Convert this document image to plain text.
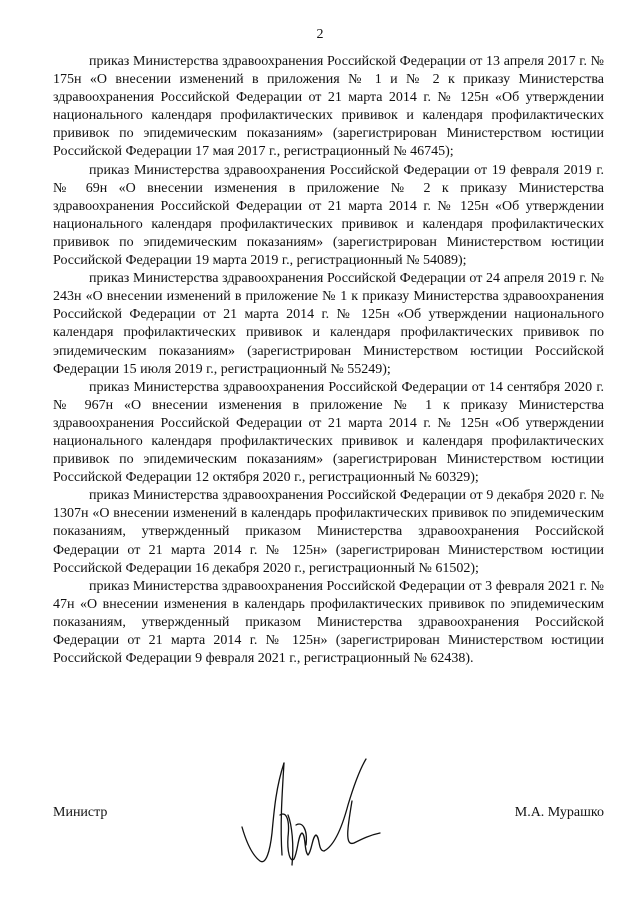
2

приказ Министерства здравоохранения Российской Федерации от 13 апреля 2017 г. № 175н «О внесении изменений в приложения № 1 и № 2 к приказу Министерства здравоохранения Российской Федерации от 21 марта 2014 г. № 125н «Об утверждении национального календаря профилактических прививок и календаря профилактических прививок по эпидемическим показаниям» (зарегистрирован Министерством юстиции Российской Федерации 17 мая 2017 г., регистрационный № 46745);

приказ Министерства здравоохранения Российской Федерации от 19 февраля 2019 г. № 69н «О внесении изменения в приложение № 2 к приказу Министерства здравоохранения Российской Федерации от 21 марта 2014 г. № 125н «Об утверждении национального календаря профилактических прививок и календаря профилактических прививок по эпидемическим показаниям» (зарегистрирован Министерством юстиции Российской Федерации 19 марта 2019 г., регистрационный № 54089);

приказ Министерства здравоохранения Российской Федерации от 24 апреля 2019 г. № 243н «О внесении изменений в приложение № 1 к приказу Министерства здравоохранения Российской Федерации от 21 марта 2014 г. № 125н «Об утверждении национального календаря профилактических прививок и календаря профилактических прививок по эпидемическим показаниям» (зарегистрирован Министерством юстиции Российской Федерации 15 июля 2019 г., регистрационный № 55249);

приказ Министерства здравоохранения Российской Федерации от 14 сентября 2020 г. № 967н «О внесении изменения в приложение № 1 к приказу Министерства здравоохранения Российской Федерации от 21 марта 2014 г. № 125н «Об утверждении национального календаря профилактических прививок и календаря профилактических прививок по эпидемическим показаниям» (зарегистрирован Министерством юстиции Российской Федерации 12 октября 2020 г., регистрационный № 60329);

приказ Министерства здравоохранения Российской Федерации от 9 декабря 2020 г. № 1307н «О внесении изменений в календарь профилактических прививок по эпидемическим показаниям, утвержденный приказом Министерства здравоохранения Российской Федерации от 21 марта 2014 г. № 125н» (зарегистрирован Министерством юстиции Российской Федерации 16 декабря 2020 г., регистрационный № 61502);

приказ Министерства здравоохранения Российской Федерации от 3 февраля 2021 г. № 47н «О внесении изменения в календарь профилактических прививок по эпидемическим показаниям, утвержденный приказом Министерства здравоохранения Российской Федерации от 21 марта 2014 г. № 125н» (зарегистрирован Министерством юстиции Российской Федерации 9 февраля 2021 г., регистрационный № 62438).

Министр	М.А. Мурашко
